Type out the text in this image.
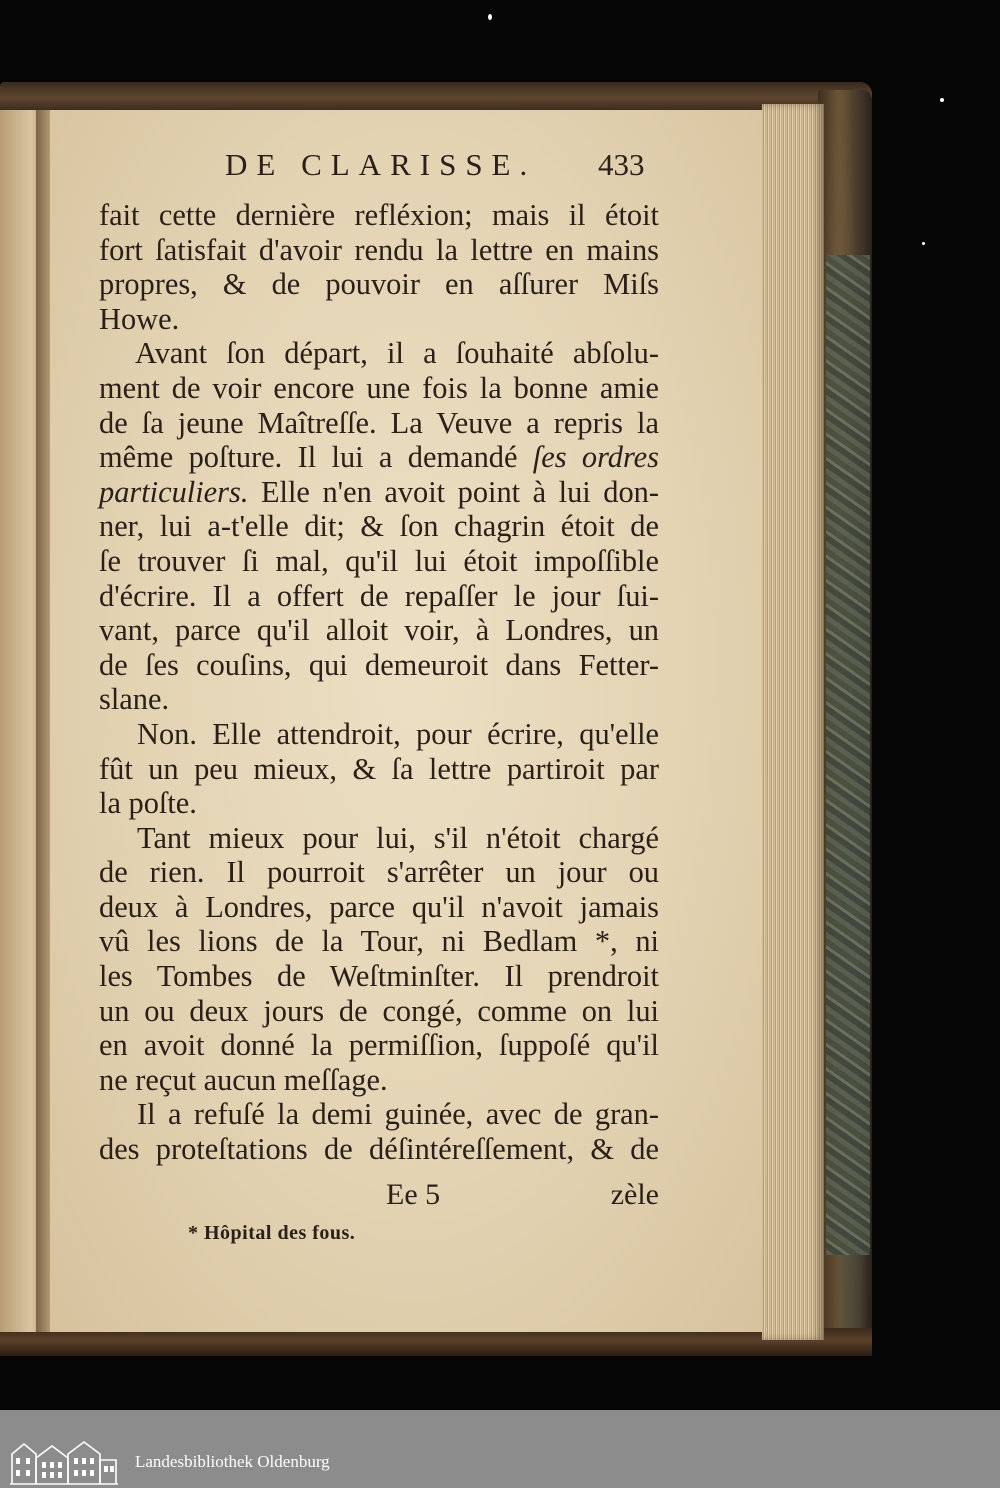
DE CLARISSE. 433
fait cette dernière refléxion; mais il étoit
fort ſatisfait d'avoir rendu la lettre en mains
propres, & de pouvoir en aſſurer Miſs
Howe.
Avant ſon départ, il a ſouhaité abſolu-
ment de voir encore une fois la bonne amie
de ſa jeune Maîtreſſe. La Veuve a repris la
même poſture. Il lui a demandé ſes ordres
particuliers. Elle n'en avoit point à lui don-
ner, lui a-t'elle dit; & ſon chagrin étoit de
ſe trouver ſi mal, qu'il lui étoit impoſſible
d'écrire. Il a offert de repaſſer le jour ſui-
vant, parce qu'il alloit voir, à Londres, un
de ſes couſins, qui demeuroit dans Fetter-
slane.
Non. Elle attendroit, pour écrire, qu'elle
fût un peu mieux, & ſa lettre partiroit par
la poſte.
Tant mieux pour lui, s'il n'étoit chargé
de rien. Il pourroit s'arrêter un jour ou
deux à Londres, parce qu'il n'avoit jamais
vû les lions de la Tour, ni Bedlam *, ni
les Tombes de Weſtminſter. Il prendroit
un ou deux jours de congé, comme on lui
en avoit donné la permiſſion, ſuppoſé qu'il
ne reçut aucun meſſage.
Il a refuſé la demi guinée, avec de gran-
des proteſtations de déſintéreſſement, & de
Ee 5	zèle
* Hôpital des fous.
Landesbibliothek Oldenburg
